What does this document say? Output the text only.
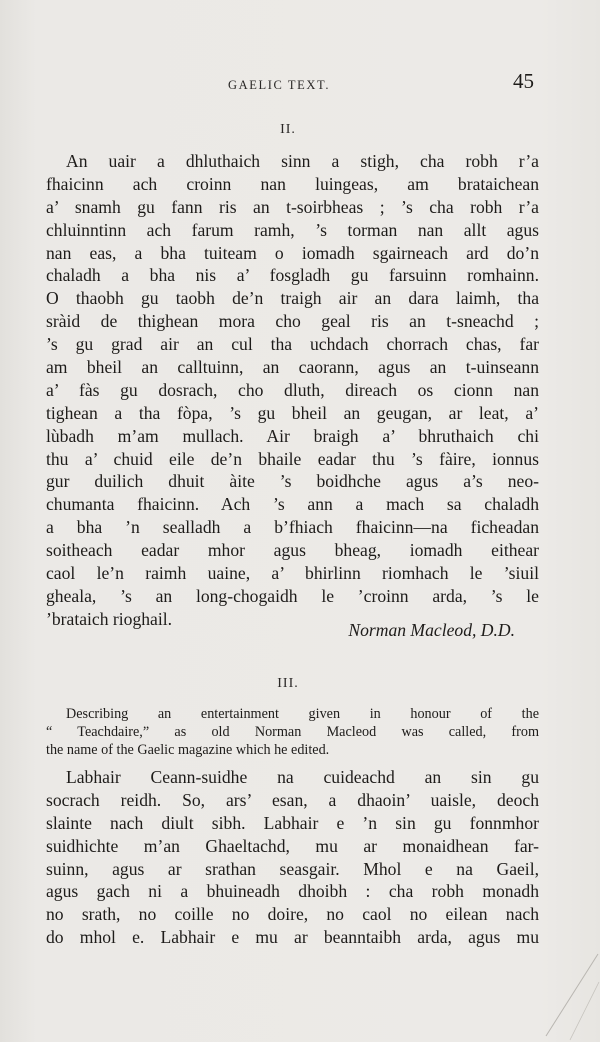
GAELIC TEXT.	45
II.
An uair a dhluthaich sinn a stigh, cha robh r’a
fhaicinn ach croinn nan luingeas, am brataichean
a’ snamh gu fann ris an t-soirbheas ; ’s cha robh r’a
chluinntinn ach farum ramh, ’s torman nan allt agus
nan eas, a bha tuiteam o iomadh sgairneach ard do’n
chaladh a bha nis a’ fosgladh gu farsuinn romhainn.
O thaobh gu taobh de’n traigh air an dara laimh, tha
sràid de thighean mora cho geal ris an t-sneachd ;
’s gu grad air an cul tha uchdach chorrach chas, far
am bheil an calltuinn, an caorann, agus an t-uinseann
a’ fàs gu dosrach, cho dluth, direach os cionn nan
tighean a tha fòpa, ’s gu bheil an geugan, ar leat, a’
lùbadh m’am mullach. Air braigh a’ bhruthaich chi
thu a’ chuid eile de’n bhaile eadar thu ’s fàire, ionnus
gur duilich dhuit àite ’s boidhche agus a’s neo-
chumanta fhaicinn. Ach ’s ann a mach sa chaladh
a bha ’n sealladh a b’fhiach fhaicinn—na ficheadan
soitheach eadar mhor agus bheag, iomadh eithear
caol le’n raimh uaine, a’ bhirlinn riomhach le ’siuil
gheala, ’s an long-chogaidh le ’croinn arda, ’s le
’brataich rioghail.
Norman Macleod, D.D.
III.
Describing an entertainment given in honour of the
“ Teachdaire,” as old Norman Macleod was called, from
the name of the Gaelic magazine which he edited.
Labhair Ceann-suidhe na cuideachd an sin gu
socrach reidh. So, ars’ esan, a dhaoin’ uaisle, deoch
slainte nach diult sibh. Labhair e ’n sin gu fonnmhor
suidhichte m’an Ghaeltachd, mu ar monaidhean far-
suinn, agus ar srathan seasgair. Mhol e na Gaeil,
agus gach ni a bhuineadh dhoibh : cha robh monadh
no srath, no coille no doire, no caol no eilean nach
do mhol e. Labhair e mu ar beanntaibh arda, agus mu
